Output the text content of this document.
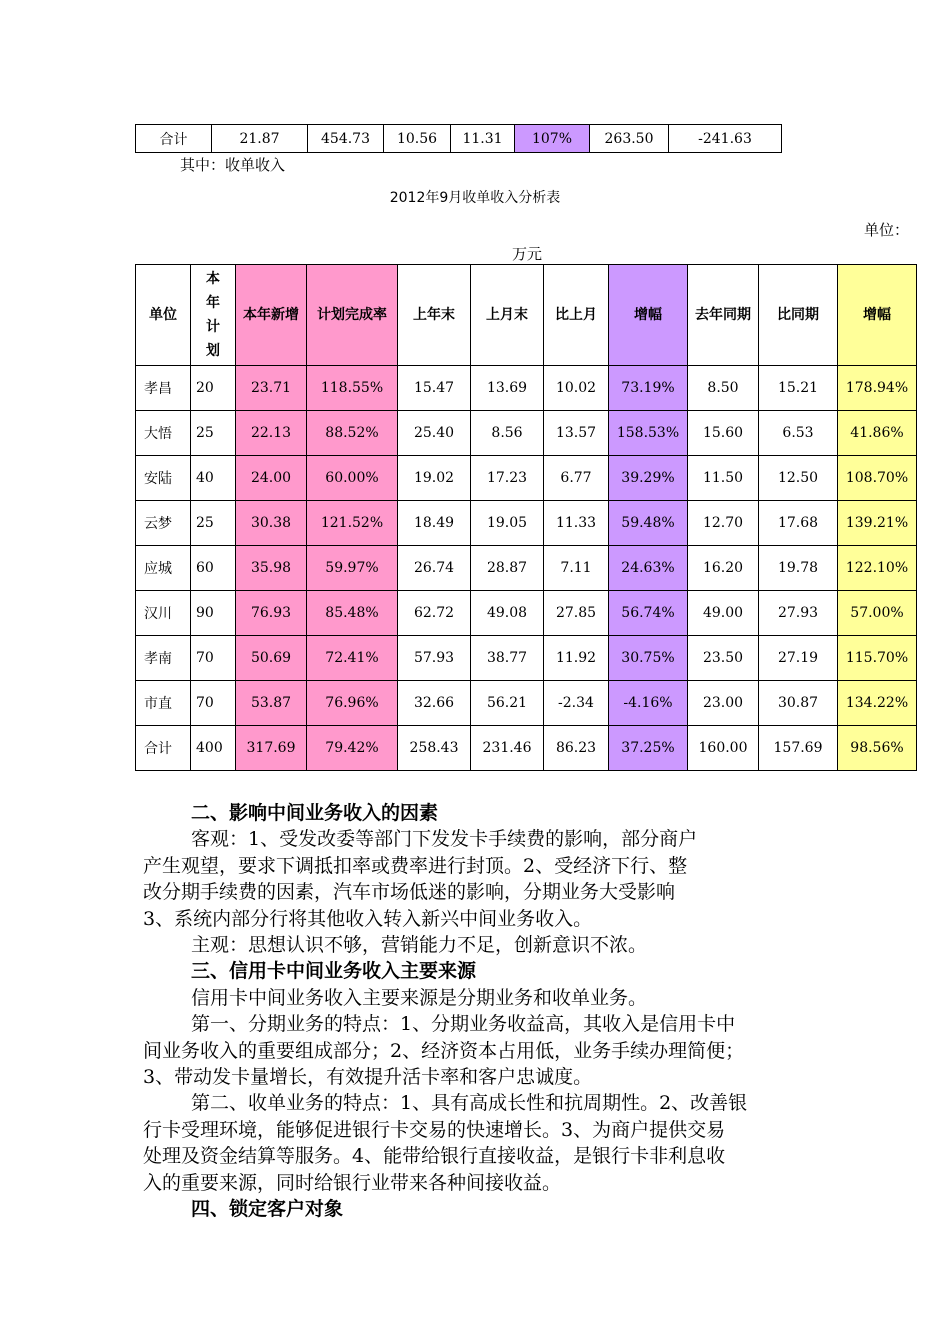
合计	21.87	454.73	10.56	11.31	107%	263.50	-241.63
其中：收单收入
2012年9月收单收入分析表
单位：
万元
单位	本年计划	本年新增	计划完成率	上年末	上月末	比上月	增幅	去年同期	比同期	增幅
孝昌	20	23.71	118.55%	15.47	13.69	10.02	73.19%	8.50	15.21	178.94%
大悟	25	22.13	88.52%	25.40	8.56	13.57	158.53%	15.60	6.53	41.86%
安陆	40	24.00	60.00%	19.02	17.23	6.77	39.29%	11.50	12.50	108.70%
云梦	25	30.38	121.52%	18.49	19.05	11.33	59.48%	12.70	17.68	139.21%
应城	60	35.98	59.97%	26.74	28.87	7.11	24.63%	16.20	19.78	122.10%
汉川	90	76.93	85.48%	62.72	49.08	27.85	56.74%	49.00	27.93	57.00%
孝南	70	50.69	72.41%	57.93	38.77	11.92	30.75%	23.50	27.19	115.70%
市直	70	53.87	76.96%	32.66	56.21	-2.34	-4.16%	23.00	30.87	134.22%
合计	400	317.69	79.42%	258.43	231.46	86.23	37.25%	160.00	157.69	98.56%

二、影响中间业务收入的因素

客观：1、受发改委等部门下发发卡手续费的影响，部分商户

产生观望，要求下调抵扣率或费率进行封顶。2、受经济下行、整

改分期手续费的因素，汽车市场低迷的影响，分期业务大受影响

3、系统内部分行将其他收入转入新兴中间业务收入。

主观：思想认识不够，营销能力不足，创新意识不浓。

三、信用卡中间业务收入主要来源

信用卡中间业务收入主要来源是分期业务和收单业务。

第一、分期业务的特点：1、分期业务收益高，其收入是信用卡中

间业务收入的重要组成部分；2、经济资本占用低，业务手续办理简便；

3、带动发卡量增长，有效提升活卡率和客户忠诚度。

第二、收单业务的特点：1、具有高成长性和抗周期性。2、改善银

行卡受理环境，能够促进银行卡交易的快速增长。3、为商户提供交易

处理及资金结算等服务。4、能带给银行直接收益，是银行卡非利息收

入的重要来源，同时给银行业带来各种间接收益。

四、锁定客户对象
